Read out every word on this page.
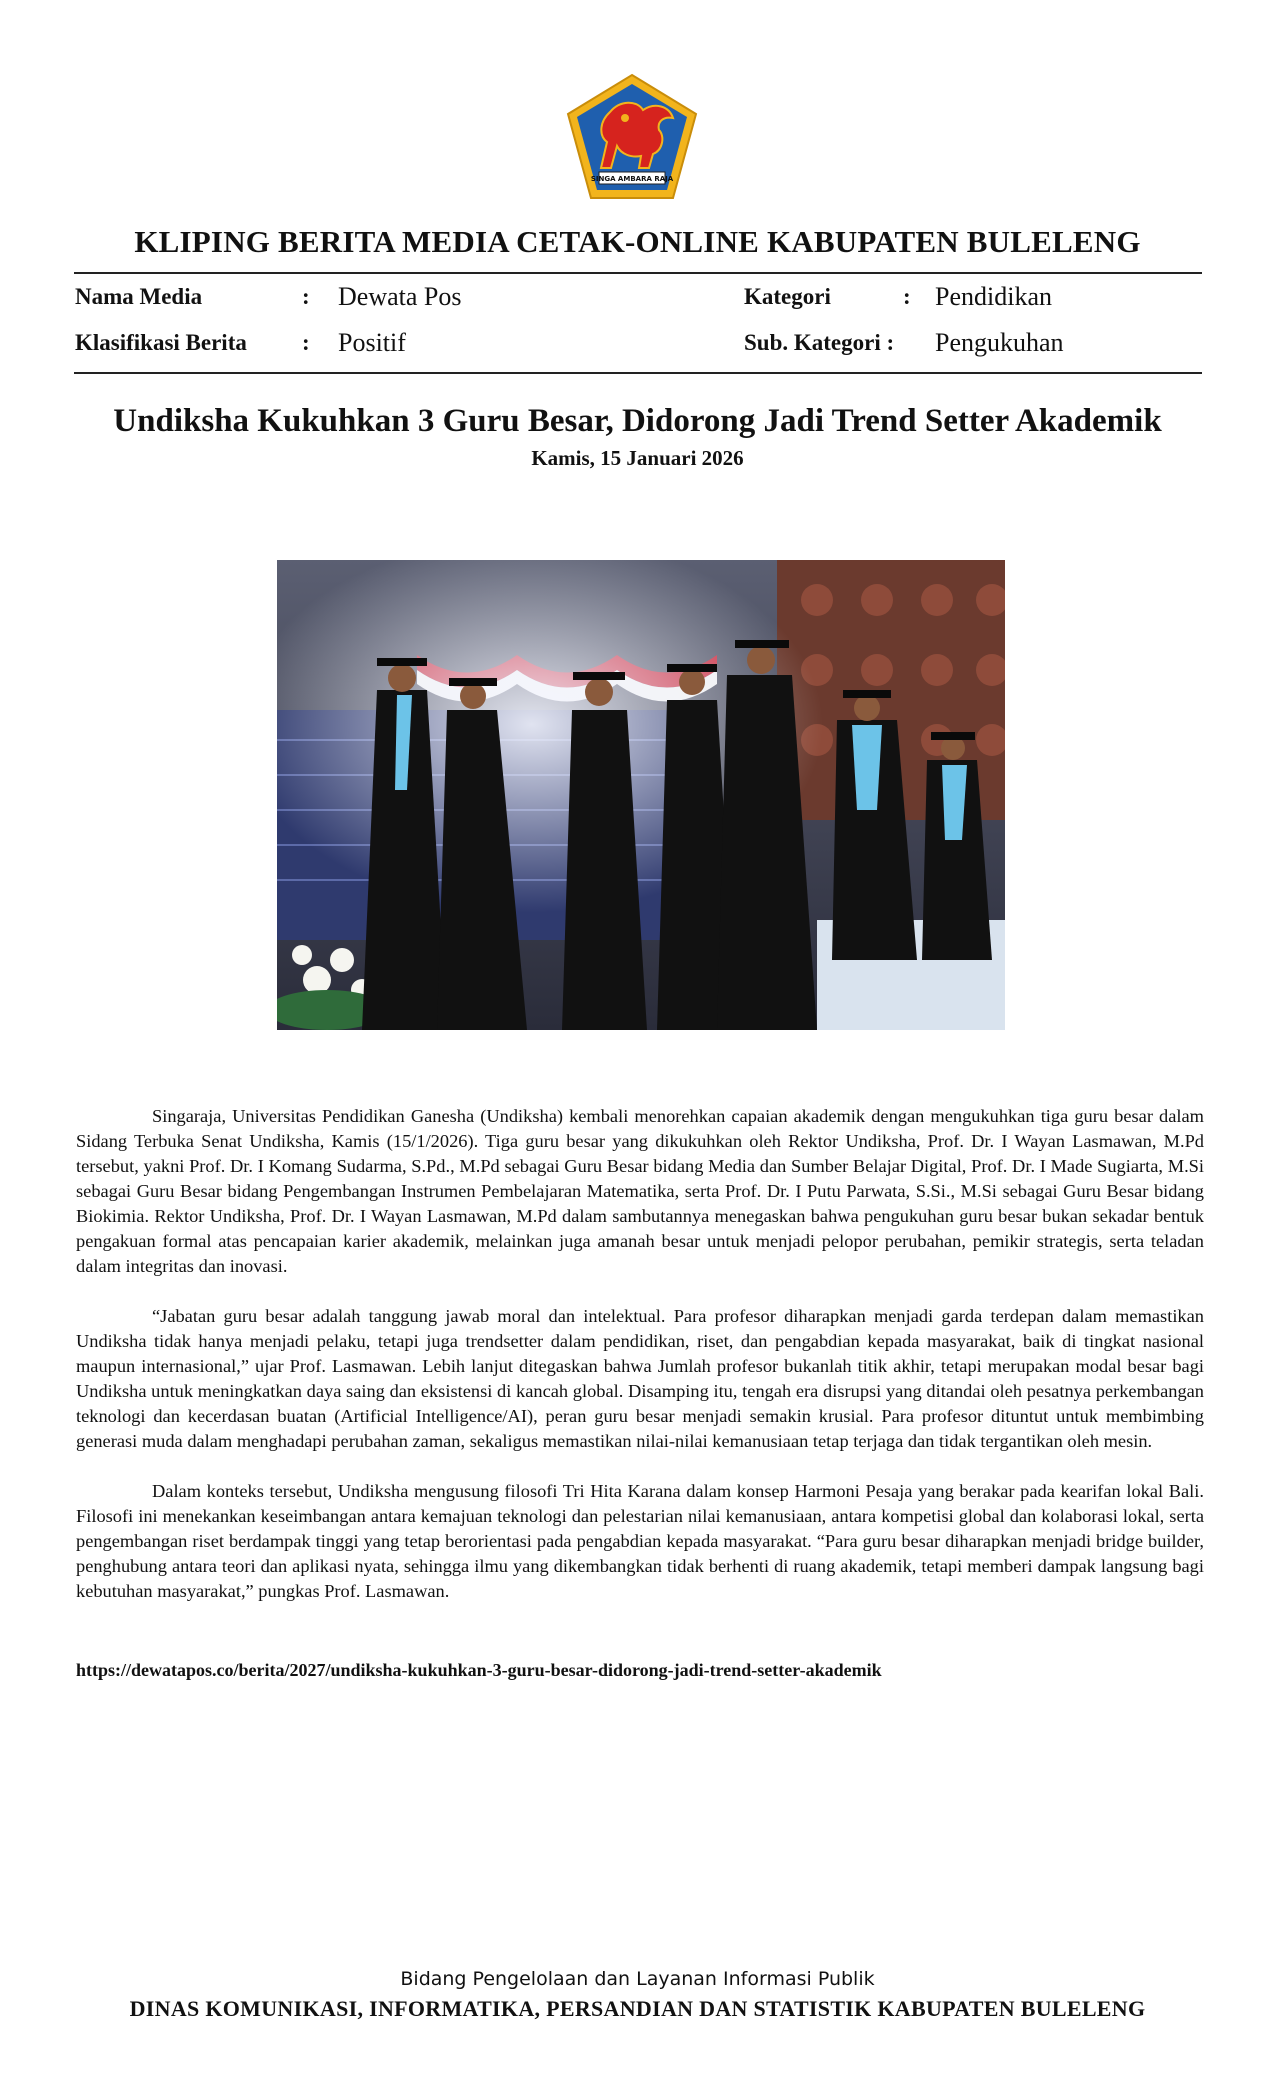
SINGA AMBARA RAJA
KLIPING BERITA MEDIA CETAK-ONLINE KABUPATEN BULELENG
Nama Media	: Dewata Pos	Kategori	: Pendidikan
Klasifikasi Berita : Positif	Sub. Kategori : Pengukuhan
Undiksha Kukuhkan 3 Guru Besar, Didorong Jadi Trend Setter Akademik
Kamis, 15 Januari 2026

Singaraja, Universitas Pendidikan Ganesha (Undiksha) kembali menorehkan capaian akademik dengan mengukuhkan tiga guru besar dalam Sidang Terbuka Senat Undiksha, Kamis (15/1/2026). Tiga guru besar yang dikukuhkan oleh Rektor Undiksha, Prof. Dr. I Wayan Lasmawan, M.Pd tersebut, yakni Prof. Dr. I Komang Sudarma, S.Pd., M.Pd sebagai Guru Besar bidang Media dan Sumber Belajar Digital, Prof. Dr. I Made Sugiarta, M.Si sebagai Guru Besar bidang Pengembangan Instrumen Pembelajaran Matematika, serta Prof. Dr. I Putu Parwata, S.Si., M.Si sebagai Guru Besar bidang Biokimia. Rektor Undiksha, Prof. Dr. I Wayan Lasmawan, M.Pd dalam sambutannya menegaskan bahwa pengukuhan guru besar bukan sekadar bentuk pengakuan formal atas pencapaian karier akademik, melainkan juga amanah besar untuk menjadi pelopor perubahan, pemikir strategis, serta teladan dalam integritas dan inovasi.

“Jabatan guru besar adalah tanggung jawab moral dan intelektual. Para profesor diharapkan menjadi garda terdepan dalam memastikan Undiksha tidak hanya menjadi pelaku, tetapi juga trendsetter dalam pendidikan, riset, dan pengabdian kepada masyarakat, baik di tingkat nasional maupun internasional,” ujar Prof. Lasmawan. Lebih lanjut ditegaskan bahwa Jumlah profesor bukanlah titik akhir, tetapi merupakan modal besar bagi Undiksha untuk meningkatkan daya saing dan eksistensi di kancah global. Disamping itu, tengah era disrupsi yang ditandai oleh pesatnya perkembangan teknologi dan kecerdasan buatan (Artificial Intelligence/AI), peran guru besar menjadi semakin krusial. Para profesor dituntut untuk membimbing generasi muda dalam menghadapi perubahan zaman, sekaligus memastikan nilai-nilai kemanusiaan tetap terjaga dan tidak tergantikan oleh mesin.

Dalam konteks tersebut, Undiksha mengusung filosofi Tri Hita Karana dalam konsep Harmoni Pesaja yang berakar pada kearifan lokal Bali. Filosofi ini menekankan keseimbangan antara kemajuan teknologi dan pelestarian nilai kemanusiaan, antara kompetisi global dan kolaborasi lokal, serta pengembangan riset berdampak tinggi yang tetap berorientasi pada pengabdian kepada masyarakat. “Para guru besar diharapkan menjadi bridge builder, penghubung antara teori dan aplikasi nyata, sehingga ilmu yang dikembangkan tidak berhenti di ruang akademik, tetapi memberi dampak langsung bagi kebutuhan masyarakat,” pungkas Prof. Lasmawan.

https://dewatapos.co/berita/2027/undiksha-kukuhkan-3-guru-besar-didorong-jadi-trend-setter-akademik
Bidang Pengelolaan dan Layanan Informasi Publik
DINAS KOMUNIKASI, INFORMATIKA, PERSANDIAN DAN STATISTIK KABUPATEN BULELENG
